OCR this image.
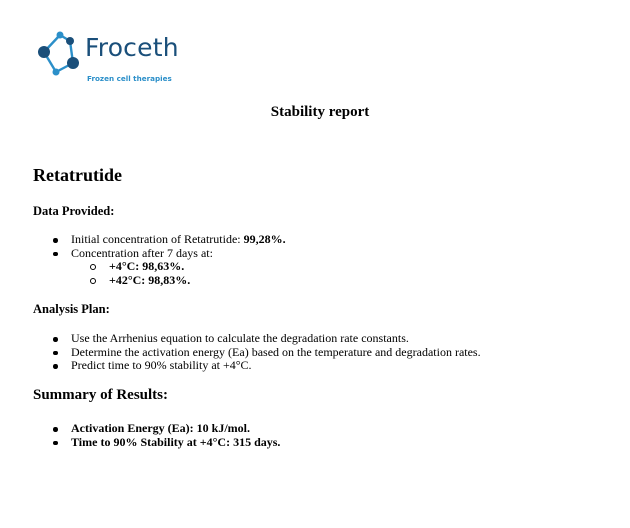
Froceth
Frozen cell therapies
Stability report
Retatrutide
Data Provided:
Initial concentration of Retatrutide: 99,28%.
Concentration after 7 days at:
+4°C: 98,63%.
+42°C: 98,83%.
Analysis Plan:
Use the Arrhenius equation to calculate the degradation rate constants.
Determine the activation energy (Ea) based on the temperature and degradation rates.
Predict time to 90% stability at +4°C.
Summary of Results:
Activation Energy (Ea): 10 kJ/mol.
Time to 90% Stability at +4°C: 315 days.
